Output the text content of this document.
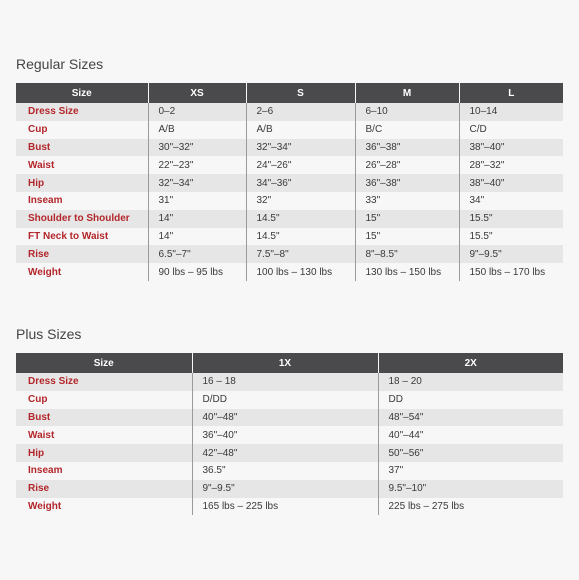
Regular Sizes
Size	XS	S	M	L
Dress Size	0–2	2–6	6–10	10–14
Cup	A/B	A/B	B/C	C/D
Bust	30"–32"	32"–34"	36"–38"	38"–40"
Waist	22"–23"	24"–26"	26"–28"	28"–32"
Hip	32"–34"	34"–36"	36"–38"	38"–40"
Inseam	31"	32"	33"	34"
Shoulder to Shoulder	14"	14.5"	15"	15.5"
FT Neck to Waist	14"	14.5"	15"	15.5"
Rise	6.5"–7"	7.5"–8"	8"–8.5"	9"–9.5"
Weight	90 lbs – 95 lbs	100 lbs – 130 lbs	130 lbs – 150 lbs	150 lbs – 170 lbs
Plus Sizes
Size	1X	2X
Dress Size	16 – 18	18 – 20
Cup	D/DD	DD
Bust	40"–48"	48"–54"
Waist	36"–40"	40"–44"
Hip	42"–48"	50"–56"
Inseam	36.5"	37"
Rise	9"–9.5"	9.5"–10"
Weight	165 lbs – 225 lbs	225 lbs – 275 lbs
